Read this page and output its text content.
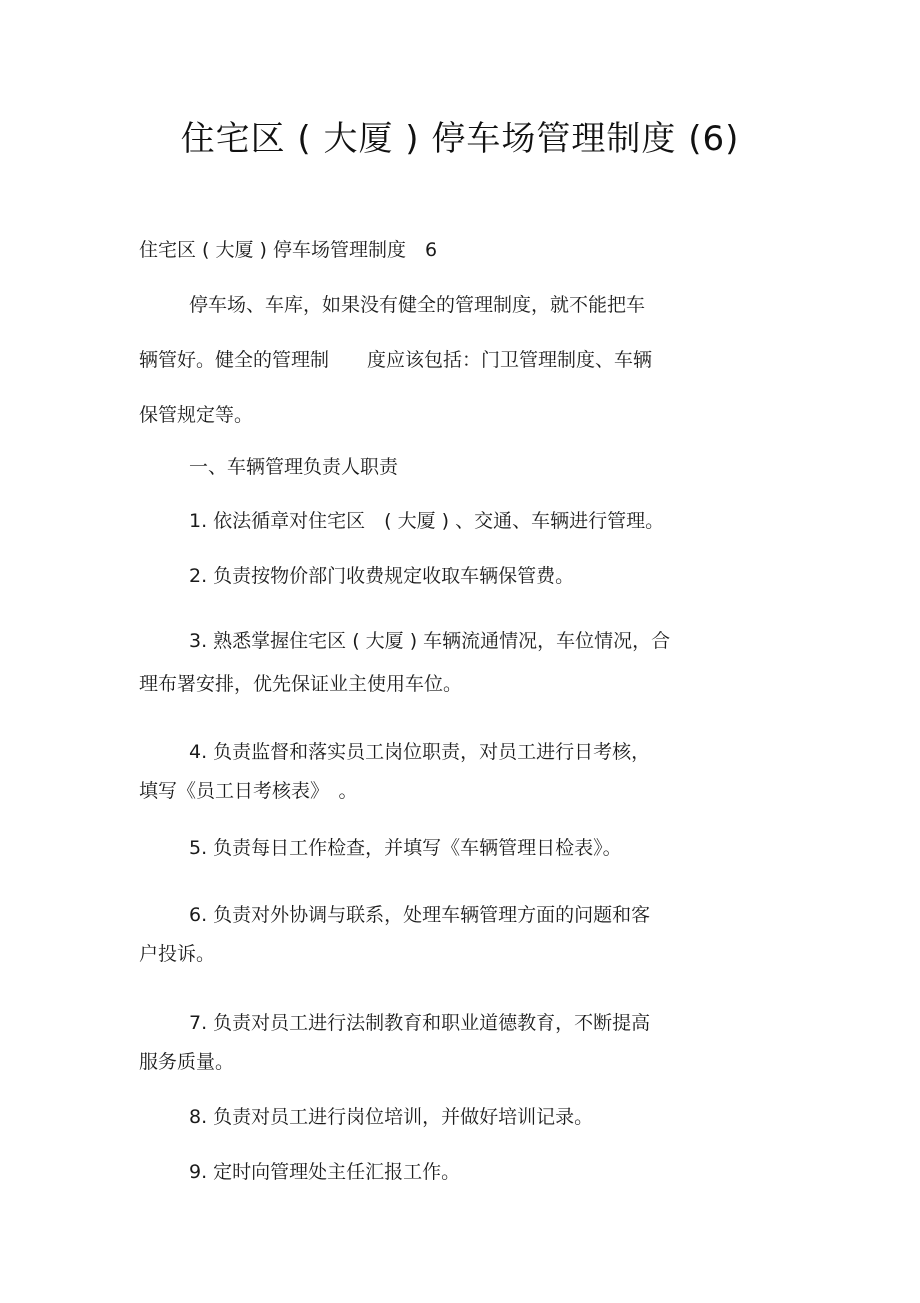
住宅区 ( 大厦 ) 停车场管理制度 (6)
住宅区 ( 大厦 ) 停车场管理制度　6
停车场、车库，如果没有健全的管理制度，就不能把车
辆管好。健全的管理制　　度应该包括：门卫管理制度、车辆
保管规定等。
一、车辆管理负责人职责
1. 依法循章对住宅区　( 大厦 ) 、交通、车辆进行管理。
2. 负责按物价部门收费规定收取车辆保管费。
3. 熟悉掌握住宅区 ( 大厦 ) 车辆流通情况，车位情况，合
理布署安排，优先保证业主使用车位。
4. 负责监督和落实员工岗位职责，对员工进行日考核，
填写《员工日考核表》　。
5. 负责每日工作检查，并填写《车辆管理日检表》。
6. 负责对外协调与联系，处理车辆管理方面的问题和客
户投诉。
7. 负责对员工进行法制教育和职业道德教育，不断提高
服务质量。
8. 负责对员工进行岗位培训，并做好培训记录。
9. 定时向管理处主任汇报工作。
